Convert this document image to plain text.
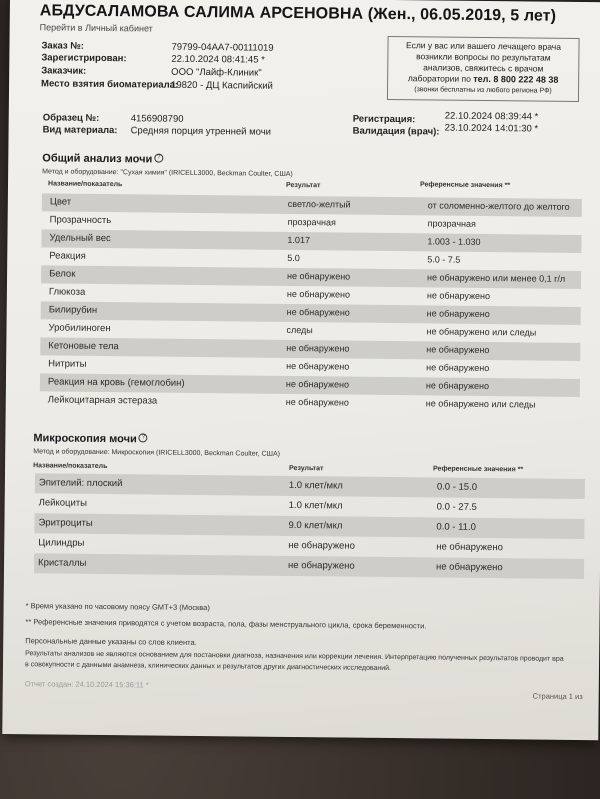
АБДУСАЛАМОВА САЛИМА АРСЕНОВНА (Жен., 06.05.2019, 5 лет)
Перейти в Личный кабинет
Заказ №:	79799-04AA7-00111019
Зарегистрирован:	22.10.2024 08:41:45 *
Заказчик:	ООО "Лайф-Клиник"
Место взятия биоматериала:
19820 - ДЦ Каспийский
Если у вас или вашего лечащего врача
возникли вопросы по результатам
анализов, свяжитесь с врачом
лаборатории по тел. 8 800 222 48 38
(звонки бесплатны из любого региона РФ)
Образец №:	4156908790
Вид материала: Средняя порция утренней мочи
Регистрация:	22.10.2024 08:39:44 *
Валидация (врач): 23.10.2024 14:01:30 *
Общий анализ мочи ?
Метод и оборудование: "Сухая химия" (IRICELL3000, Beckman Coulter, США)
Название/показатель	Результат	Референсные значения **
Цвет	светло-желтый	от соломенно-желтого до желтого
Прозрачность	прозрачная	прозрачная
Удельный вес	1.017	1.003 - 1.030
Реакция	5.0	5.0 - 7.5
Белок	не обнаружено	не обнаружено или менее 0,1 г/л
Глюкоза	не обнаружено	не обнаружено
Билирубин	не обнаружено	не обнаружено
Уробилиноген	следы	не обнаружено или следы
Кетоновые тела	не обнаружено	не обнаружено
Нитриты	не обнаружено	не обнаружено
Реакция на кровь (гемоглобин)	не обнаружено	не обнаружено
Лейкоцитарная эстераза	не обнаружено	не обнаружено или следы
Микроскопия мочи ?
Метод и оборудование: Микроскопия (IRICELL3000, Beckman Coulter, США)
Название/показатель	Результат	Референсные значения **
Эпителий: плоский	1.0 клет/мкл	0.0 - 15.0
Лейкоциты	1.0 клет/мкл	0.0 - 27.5
Эритроциты	9.0 клет/мкл	0.0 - 11.0
Цилиндры	не обнаружено	не обнаружено
Кристаллы	не обнаружено	не обнаружено
* Время указано по часовому поясу GMT+3 (Москва)
** Референсные значения приводятся с учетом возраста, пола, фазы менструального цикла, срока беременности.
Персональные данные указаны со слов клиента.
Результаты анализов не являются основанием для постановки диагноза, назначения или коррекции лечения. Интерпретацию полученных результатов проводит вра
в совокупности с данными анамнеза, клинических данных и результатов других диагностических исследований.
Отчет создан: 24.10.2024 15:36:11 *
Страница 1 из
